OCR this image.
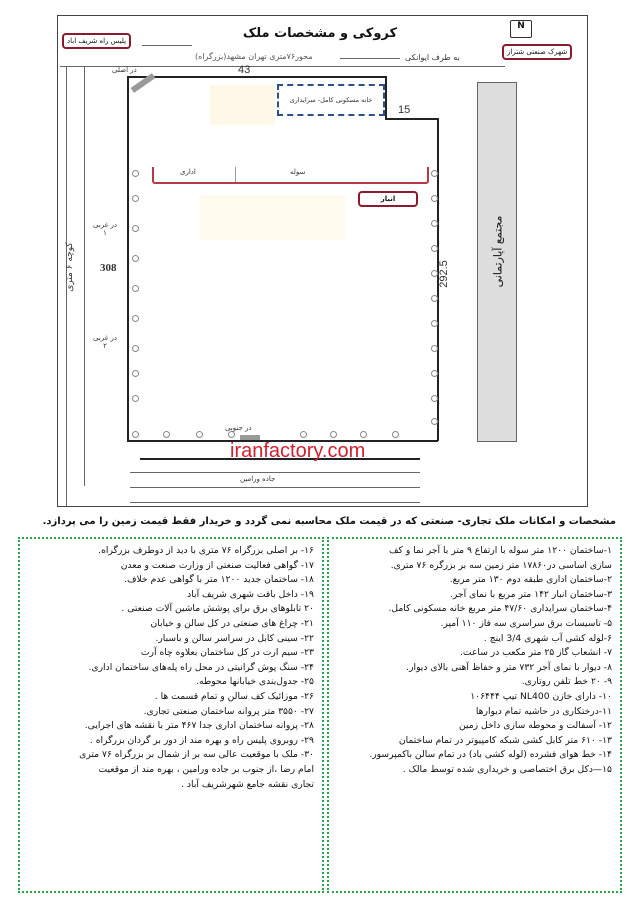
کروکی و مشخصات ملک
پلیس راه شریف اباد
شهرک صنعتی شتراز
N
محور۷۶متری تهران مشهد(بزرگراه)	به طرف ایوانکی
کوچه ۶ متری
در اصلی	43
15
خانه مسکونی کامل- سرایداری
اداری	سوله
انبار
در غربی ۱
در غربی ۲
308	292.5	مجتمع آپارتمانی
در جنوبی
جاده ورامین
iranfactory.com
مشخصات و امکانات ملک تجاری- صنعتی که در قیمت ملک محاسبه نمی گردد و خریدار فقط قیمت زمین را می پردازد.
۱-ساختمان ۱۲۰۰ متر سوله با ارتفاع ۹ متر با آجر نما و کف
سازی اساسی در۱۷۸۶۰ متر زمین سه بر بزرگره ۷۶ متری.
۲-ساختمان اداری طبقه دوم ۱۳۰ متر مربع.
۳-ساختمان انبار ۱۴۲ متر مربع با نمای آجر.
۴-ساختمان سرایداری ۴۷/۶۰ متر مربع خانه مسکونی کامل.
۵- تاسیسات برق سراسری سه فاز ۱۱۰ آمپر.
۶-لوله کشی آب شهری 3/4 اینچ .
۷- انشعاب گاز ۲۵ متر مکعب در ساعت.
۸- دیوار با نمای آجر ۷۳۲ متر و حفاظ آهنی بالای دیوار.
۹- ۲۰ خط تلفن روتاری.
۱۰- دارای خازن NL400 تیپ ۱۰۶۴۴۴
۱۱-درختکاری در حاشیه تمام دیوارها
۱۲- آسفالت و محوطه سازی داخل زمین
۱۳- ۶۱۰ متر کابل کشی شبکه کامپیوتر در تمام ساختمان
۱۴- خط هوای فشرده (لوله کشی باد) در تمام سالن باکمپرسور.
۱۵—دکل برق اختصاصی و خریداری شده توسط مالک .
۱۶- بر اصلی بزرگراه ۷۶ متری با دید از دوطرف بزرگراه.
۱۷- گواهی فعالیت صنعتی از وزارت صنعت و معدن
۱۸- ساختمان جدید ۱۲۰۰ متر با گواهی عدم خلاف.
۱۹- داخل بافت شهری شریف آباد
۲۰ تابلوهای برق برای پوشش ماشین آلات صنعتی .
۲۱- چراغ های صنعتی در کل سالن و خیابان
۲۲- سینی کابل در سراسر سالن و باسبار.
۲۳- سیم ارت در کل ساختمان بعلاوه چاه آرت
۲۴- سنگ پوش گرانیتی در محل راه پله‌های ساختمان اداری.
۲۵- جدول‌بندی خیابانها محوطه.
۲۶- موزائیک کف سالن و تمام قسمت ها .
۲۷- ۳۵۵۰ متر پروانه ساختمان صنعتی تجاری.
۲۸- پروانه ساختمان اداری جدا ۴۶۷ متر با نقشه های اجرایی.
۲۹- روبروی پلیس راه و بهره مند از دور بر گردان بزرگراه .
۳۰- ملک با موقعیت عالی سه بر از شمال بر بزرگراه ۷۶ متری
امام رضا ،از جنوب بر جاده ورامین ، بهره مند از موقعیت
تجاری نقشه جامع شهرشریف آباد .
